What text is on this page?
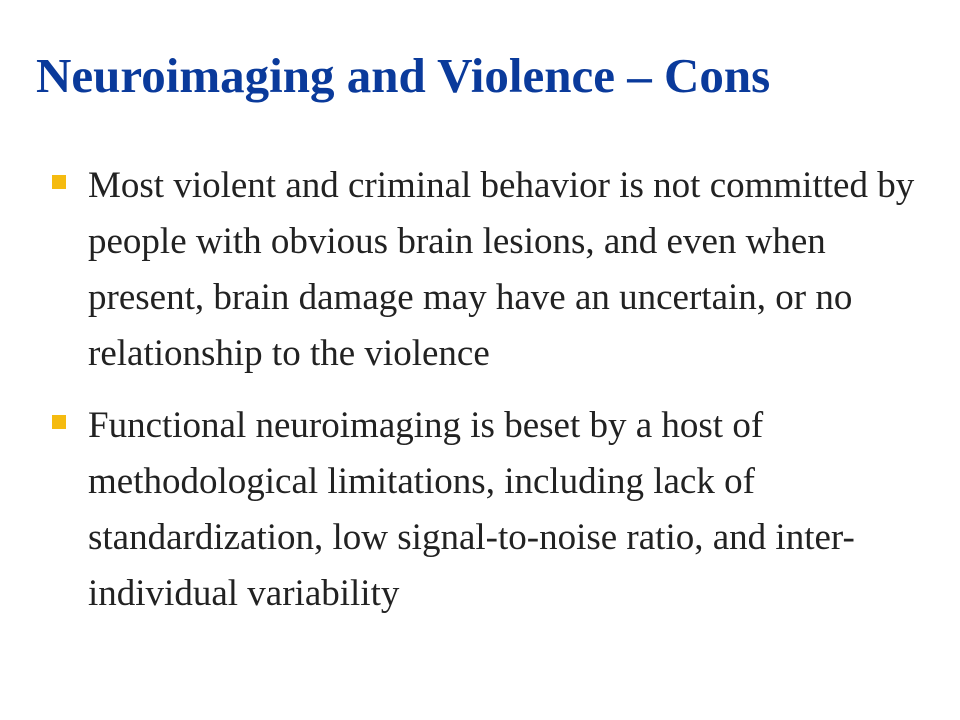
Neuroimaging and Violence – Cons
Most violent and criminal behavior is not committed by people with obvious brain lesions, and even when present, brain damage may have an uncertain, or no relationship to the violence
Functional neuroimaging is beset by a host of methodological limitations, including lack of standardization, low signal-to-noise ratio, and inter-individual variability
